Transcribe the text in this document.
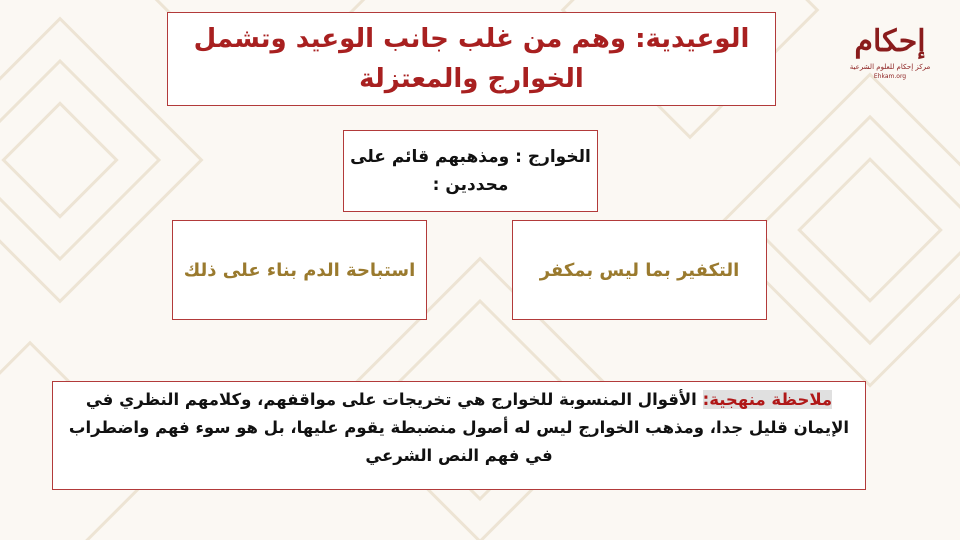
إحكام
مركز إحكام للعلوم الشرعية
Ehkam.org
الوعيدية: وهم من غلب جانب الوعيد وتشمل الخوارج والمعتزلة
الخوارج : ومذهبهم قائم على محددين :
استباحة الدم بناء على ذلك	التكفير بما ليس بمكفر

ملاحظة منهجية: الأقوال المنسوبة للخوارج هي تخريجات على مواقفهم، وكلامهم النظري في الإيمان قليل جدا، ومذهب الخوارج ليس له أصول منضبطة يقوم عليها، بل هو سوء فهم واضطراب في فهم النص الشرعي
